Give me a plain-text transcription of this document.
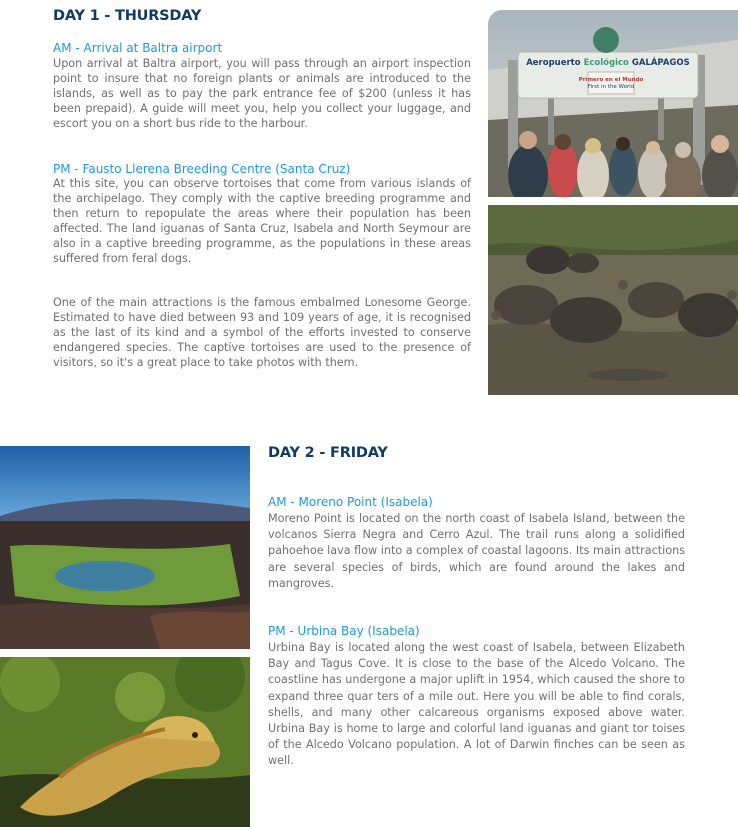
DAY 1 - THURSDAY

AM - Arrival at Baltra airport

Upon arrival at Baltra airport, you will pass through an airport inspection point to insure that no foreign plants or animals are introduced to the islands, as well as to pay the park entrance fee of $200 (unless it has been prepaid). A guide will meet you, help you collect your luggage, and escort you on a short bus ride to the harbour.

PM - Fausto Llerena Breeding Centre (Santa Cruz)

At this site, you can observe tortoises that come from various islands of the archipelago. They comply with the captive breeding programme and then return to repopulate the areas where their population has been affected. The land iguanas of Santa Cruz, Isabela and North Seymour are also in a captive breeding programme, as the populations in these areas suffered from feral dogs.

One of the main attractions is the famous embalmed Lonesome George. Estimated to have died between 93 and 109 years of age, it is recognised as the last of its kind and a symbol of the efforts invested to conserve endangered species. The captive tortoises are used to the presence of visitors, so it's a great place to take photos with them.

Aeropuerto Ecológico GALÁPAGOS
Primero en el Mundo
First in the World
DAY 2 - FRIDAY

AM - Moreno Point (Isabela)

Moreno Point is located on the north coast of Isabela Island, between the volcanos Sierra Negra and Cerro Azul. The trail runs along a solidified pahoehoe lava flow into a complex of coastal lagoons. Its main attractions are several species of birds, which are found around the lakes and mangroves.

PM - Urbina Bay (Isabela)

Urbina Bay is located along the west coast of Isabela, between Elizabeth Bay and Tagus Cove. It is close to the base of the Alcedo Volcano. The coastline has undergone a major uplift in 1954, which caused the shore to expand three quar ters of a mile out. Here you will be able to find corals, shells, and many other calcareous organisms exposed above water. Urbina Bay is home to large and colorful land iguanas and giant tor toises of the Alcedo Volcano population. A lot of Darwin finches can be seen as well.
